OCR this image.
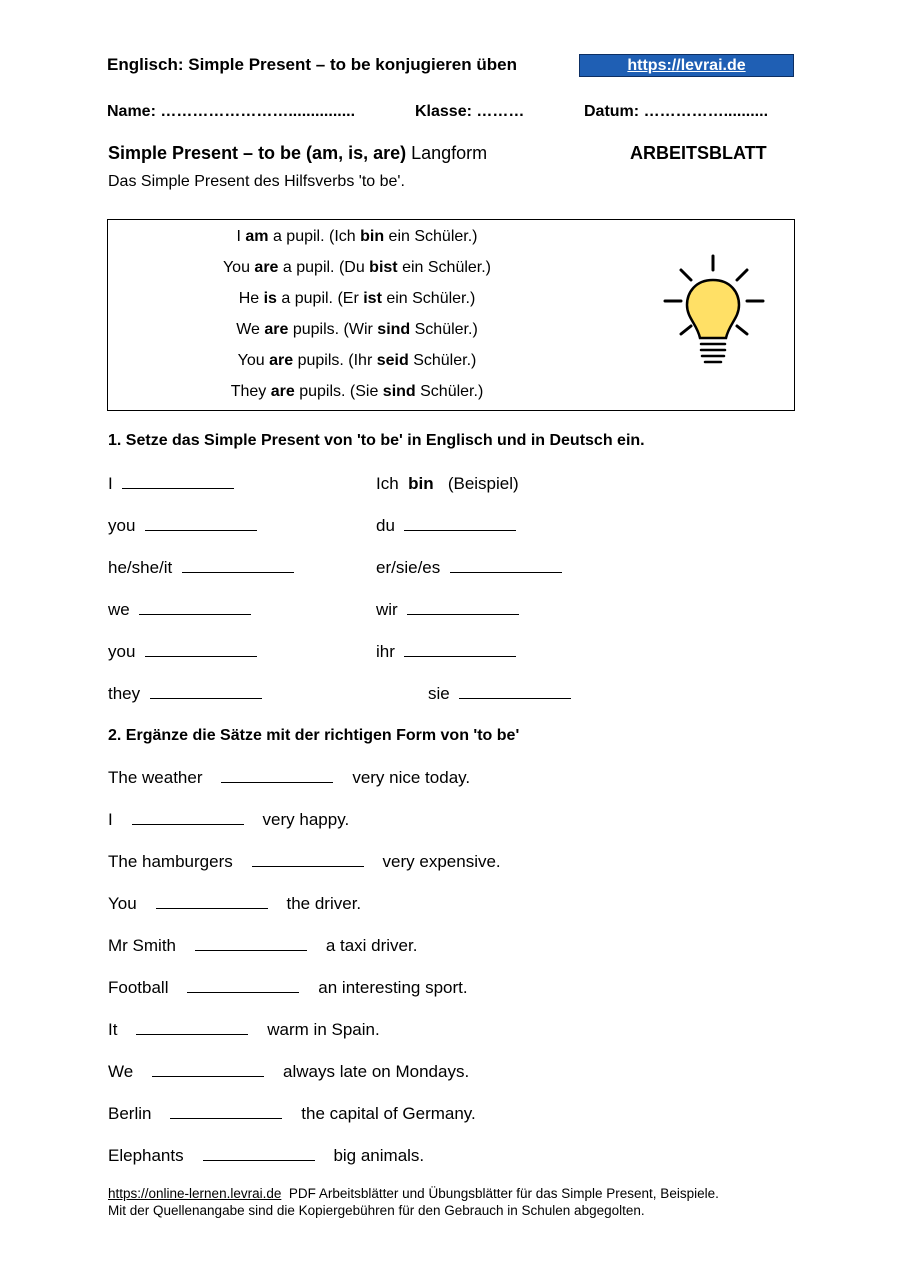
Englisch: Simple Present – to be konjugieren üben	https://levrai.de
Name: ……………………...............	Klasse: ………	Datum: ……………..........
Simple Present – to be (am, is, are) Langform	ARBEITSBLATT
Das Simple Present des Hilfsverbs 'to be'.
I am a pupil. (Ich bin ein Schüler.)
You are a pupil. (Du bist ein Schüler.)
He is a pupil. (Er ist ein Schüler.)
We are pupils. (Wir sind Schüler.)
You are pupils. (Ihr seid Schüler.)
They are pupils. (Sie sind Schüler.)
1. Setze das Simple Present von 'to be' in Englisch und in Deutsch ein.
I	Ich bin (Beispiel)
you	du
he/she/it	er/sie/es
we	wir
you	ihr
they	sie
2. Ergänze die Sätze mit der richtigen Form von 'to be'
The weather	very nice today.
I	very happy.
The hamburgers	very expensive.
You	the driver.
Mr Smith	a taxi driver.
Football	an interesting sport.
It	warm in Spain.
We	always late on Mondays.
Berlin	the capital of Germany.
Elephants	big animals.
https://online-lernen.levrai.de PDF Arbeitsblätter und Übungsblätter für das Simple Present, Beispiele.
Mit der Quellenangabe sind die Kopiergebühren für den Gebrauch in Schulen abgegolten.
